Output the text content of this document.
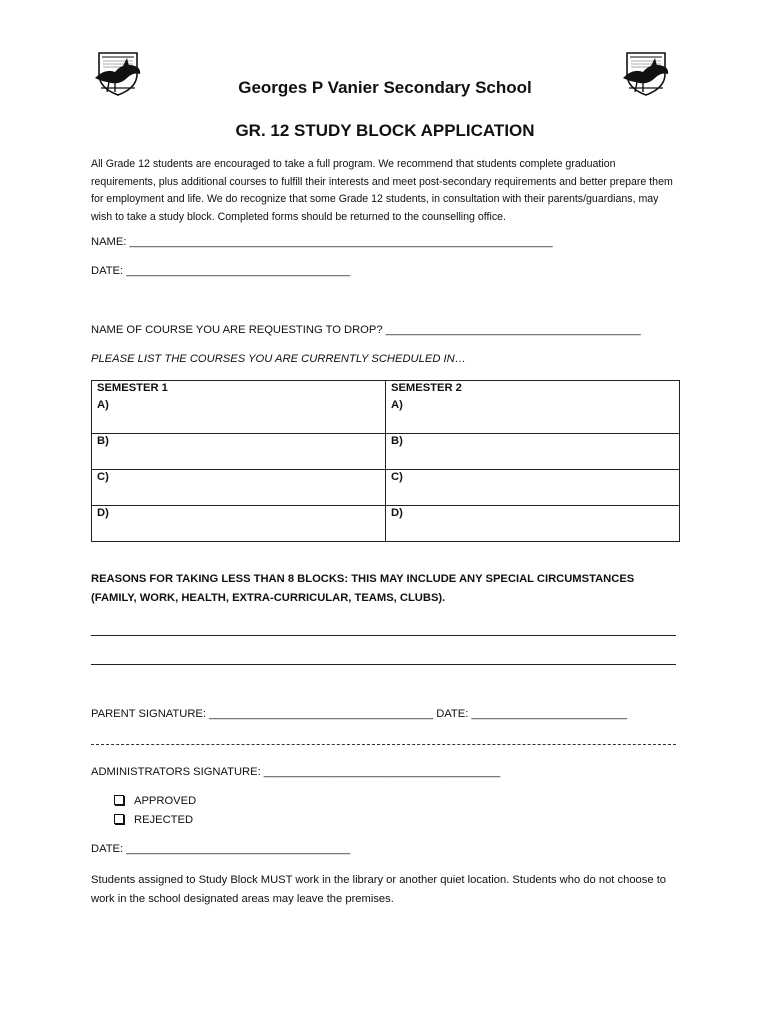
Georges P Vanier Secondary School
GR. 12 STUDY BLOCK APPLICATION

All Grade 12 students are encouraged to take a full program. We recommend that students complete graduation requirements, plus additional courses to fulfill their interests and meet post-secondary requirements and better prepare them for employment and life. We do recognize that some Grade 12 students, in consultation with their parents/guardians, may wish to take a study block. Completed forms should be returned to the counselling office.

NAME: ____________________________________________________________________
DATE: ____________________________________
NAME OF COURSE YOU ARE REQUESTING TO DROP? _________________________________________
PLEASE LIST THE COURSES YOU ARE CURRENTLY SCHEDULED IN…
SEMESTER 1	SEMESTER 2
A)	A)
B)	B)
C)	C)
D)	D)
REASONS FOR TAKING LESS THAN 8 BLOCKS: THIS MAY INCLUDE ANY SPECIAL CIRCUMSTANCES
(FAMILY, WORK, HEALTH, EXTRA-CURRICULAR, TEAMS, CLUBS).
PARENT SIGNATURE: ____________________________________ DATE: _________________________
ADMINISTRATORS SIGNATURE: ______________________________________
APPROVED
REJECTED
DATE: ____________________________________

Students assigned to Study Block MUST work in the library or another quiet location. Students who do not choose to work in the school designated areas may leave the premises.
